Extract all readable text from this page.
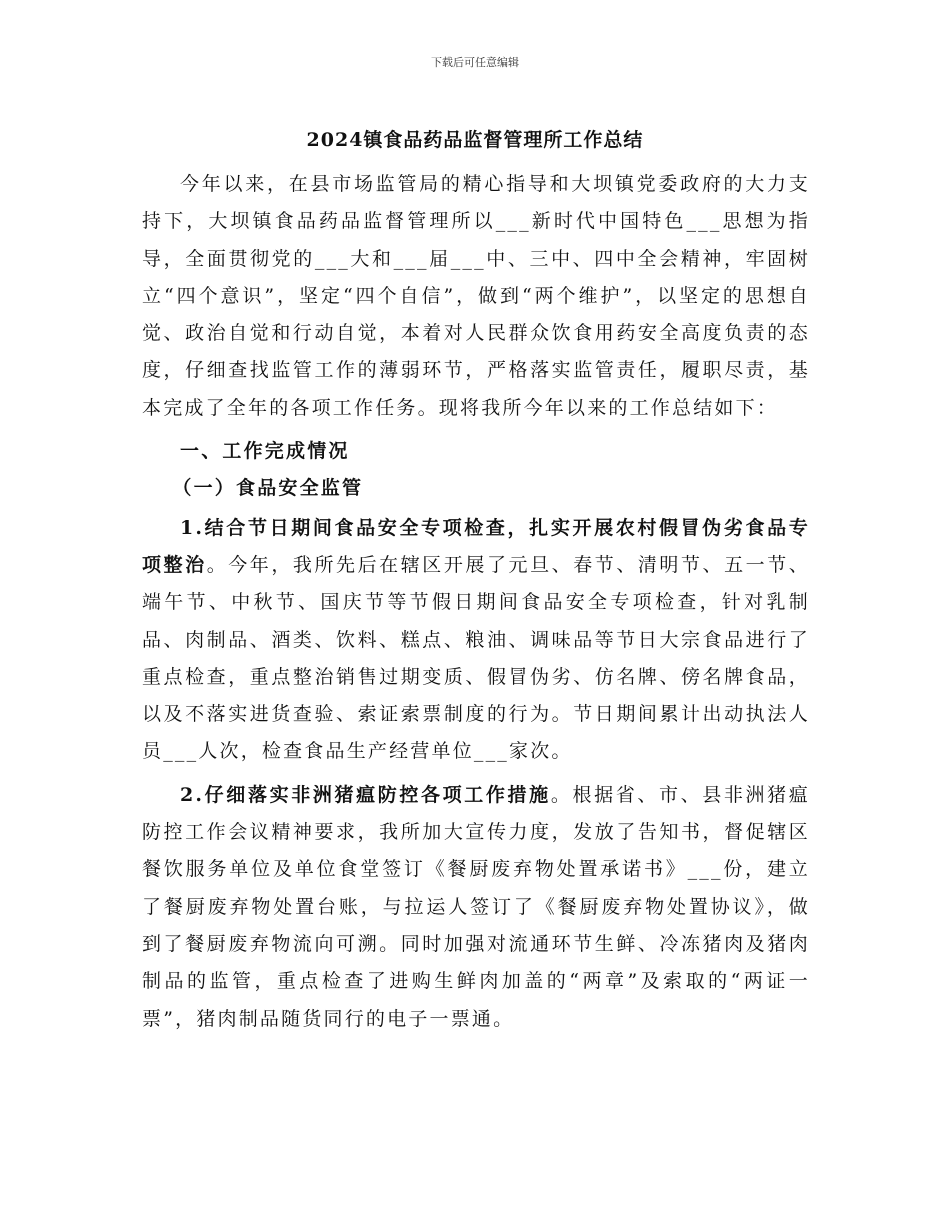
下载后可任意编辑
2024镇食品药品监督管理所工作总结

今年以来，在县市场监管局的精心指导和大坝镇党委政府的大力支持下，大坝镇食品药品监督管理所以___新时代中国特色___思想为指导，全面贯彻党的___大和___届___中、三中、四中全会精神，牢固树立“四个意识”，坚定“四个自信”，做到“两个维护”，以坚定的思想自觉、政治自觉和行动自觉，本着对人民群众饮食用药安全高度负责的态度，仔细查找监管工作的薄弱环节，严格落实监管责任，履职尽责，基本完成了全年的各项工作任务。现将我所今年以来的工作总结如下：

一、工作完成情况

（一）食品安全监管

1.结合节日期间食品安全专项检查，扎实开展农村假冒伪劣食品专项整治。今年，我所先后在辖区开展了元旦、春节、清明节、五一节、端午节、中秋节、国庆节等节假日期间食品安全专项检查，针对乳制品、肉制品、酒类、饮料、糕点、粮油、调味品等节日大宗食品进行了重点检查，重点整治销售过期变质、假冒伪劣、仿名牌、傍名牌食品，以及不落实进货查验、索证索票制度的行为。节日期间累计出动执法人员___人次，检查食品生产经营单位___家次。

2.仔细落实非洲猪瘟防控各项工作措施。根据省、市、县非洲猪瘟防控工作会议精神要求，我所加大宣传力度，发放了告知书，督促辖区餐饮服务单位及单位食堂签订《餐厨废弃物处置承诺书》___份，建立了餐厨废弃物处置台账，与拉运人签订了《餐厨废弃物处置协议》，做到了餐厨废弃物流向可溯。同时加强对流通环节生鲜、冷冻猪肉及猪肉制品的监管，重点检查了进购生鲜肉加盖的“两章”及索取的“两证一票”，猪肉制品随货同行的电子一票通。
